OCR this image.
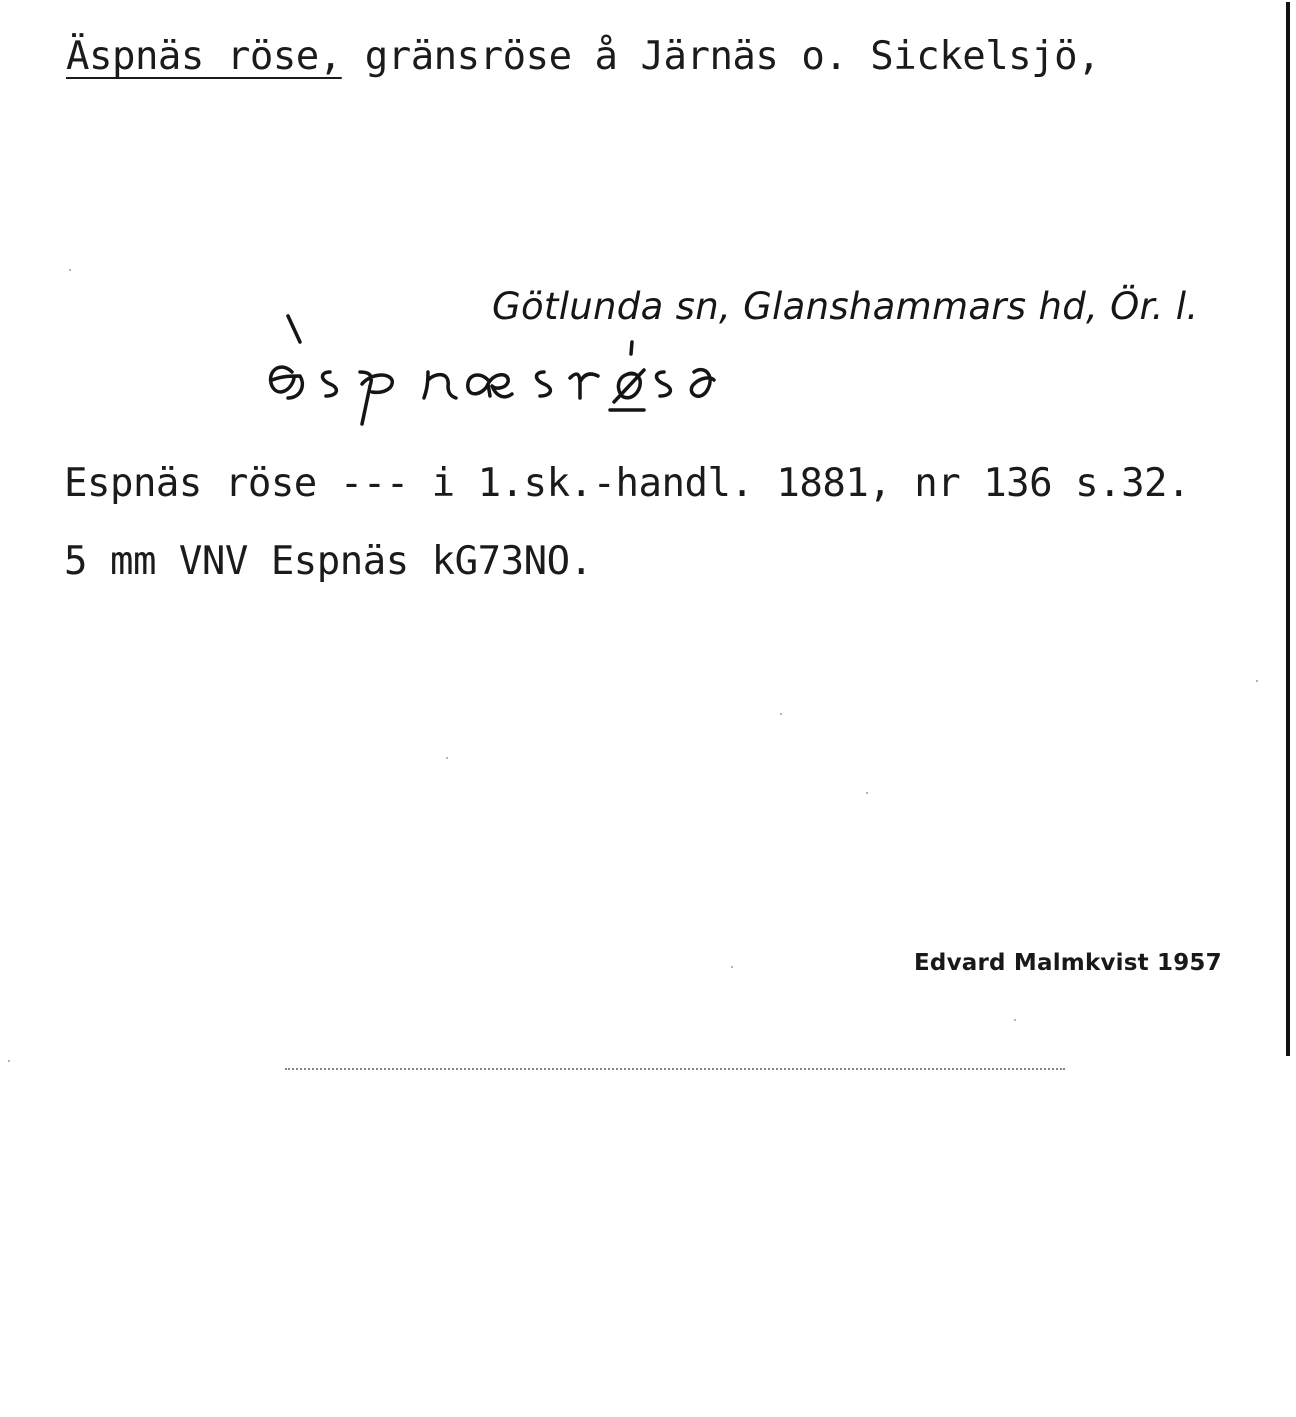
Äspnäs röse, gränsröse å Järnäs o. Sickelsjö,
Götlunda sn, Glanshammars hd, Ör. l.
Espnäs röse --- i 1.sk.-handl. 1881, nr 136 s.32.
5 mm VNV Espnäs kG73NO.
Edvard Malmkvist 1957
